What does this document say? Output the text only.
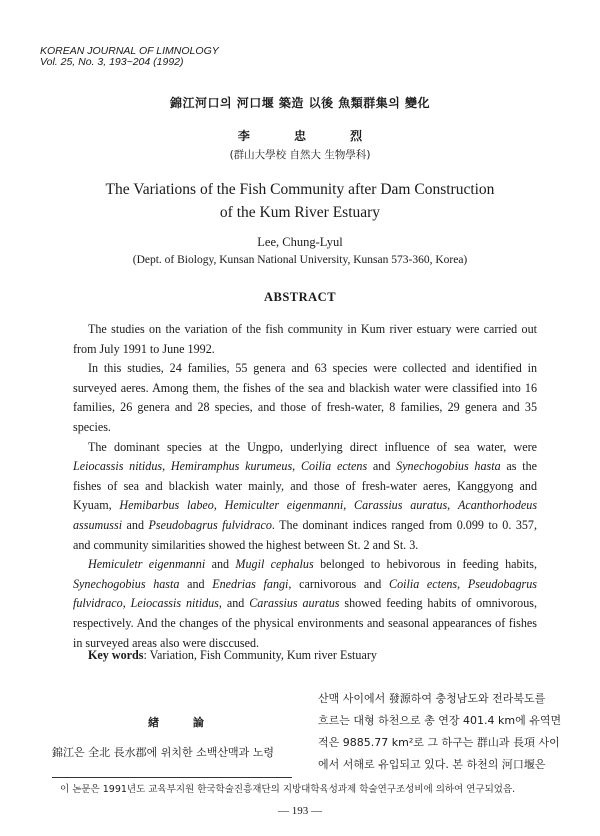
KOREAN JOURNAL OF LIMNOLOGY
Vol. 25, No. 3, 193~204 (1992)
錦江河口의 河口堰 築造 以後 魚類群集의 變化
李 忠 烈
(群山大學校 自然大 生物學科)
The Variations of the Fish Community after Dam Construction
of the Kum River Estuary
Lee, Chung-Lyul
(Dept. of Biology, Kunsan National University, Kunsan 573-360, Korea)
ABSTRACT

The studies on the variation of the fish community in Kum river estuary were carried out from July 1991 to June 1992.

In this studies, 24 families, 55 genera and 63 species were collected and identified in surveyed aeres. Among them, the fishes of the sea and blackish water were classified into 16 families, 26 genera and 28 species, and those of fresh-water, 8 families, 29 genera and 35 species.

The dominant species at the Ungpo, underlying direct influence of sea water, were Leiocassis nitidus, Hemiramphus kurumeus, Coilia ectens and Synechogobius hasta as the fishes of sea and blackish water mainly, and those of fresh-water aeres, Kanggyong and Kyuam, Hemibarbus labeo, Hemiculter eigenmanni, Carassius auratus, Acanthorhodeus assumussi and Pseudobagrus fulvidraco. The dominant indices ranged from 0.099 to 0. 357, and community similarities showed the highest between St. 2 and St. 3.

Hemiculetr eigenmanni and Mugil cephalus belonged to hebivorous in feeding habits, Synechogobius hasta and Enedrias fangi, carnivorous and Coilia ectens, Pseudobagrus fulvidraco, Leiocassis nitidus, and Carassius auratus showed feeding habits of omnivorous, respectively. And the changes of the physical environments and seasonal appearances of fishes in surveyed areas also were disccused.

Key words: Variation, Fish Community, Kum river Estuary
緖 論
錦江은 全北 長水郡에 위치한 소백산맥과 노령
산맥 사이에서 發源하여 충청남도와 전라북도를
흐르는 대형 하천으로 총 연장 401.4 km에 유역면
적은 9885.77 km²로 그 하구는 群山과 長項 사이
에서 서해로 유입되고 있다. 본 하천의 河口堰은
이 논문은 1991년도 교육부지원 한국학술진흥재단의 지방대학육성과제 학술연구조성비에 의하여 연구되었음.
— 193 —
